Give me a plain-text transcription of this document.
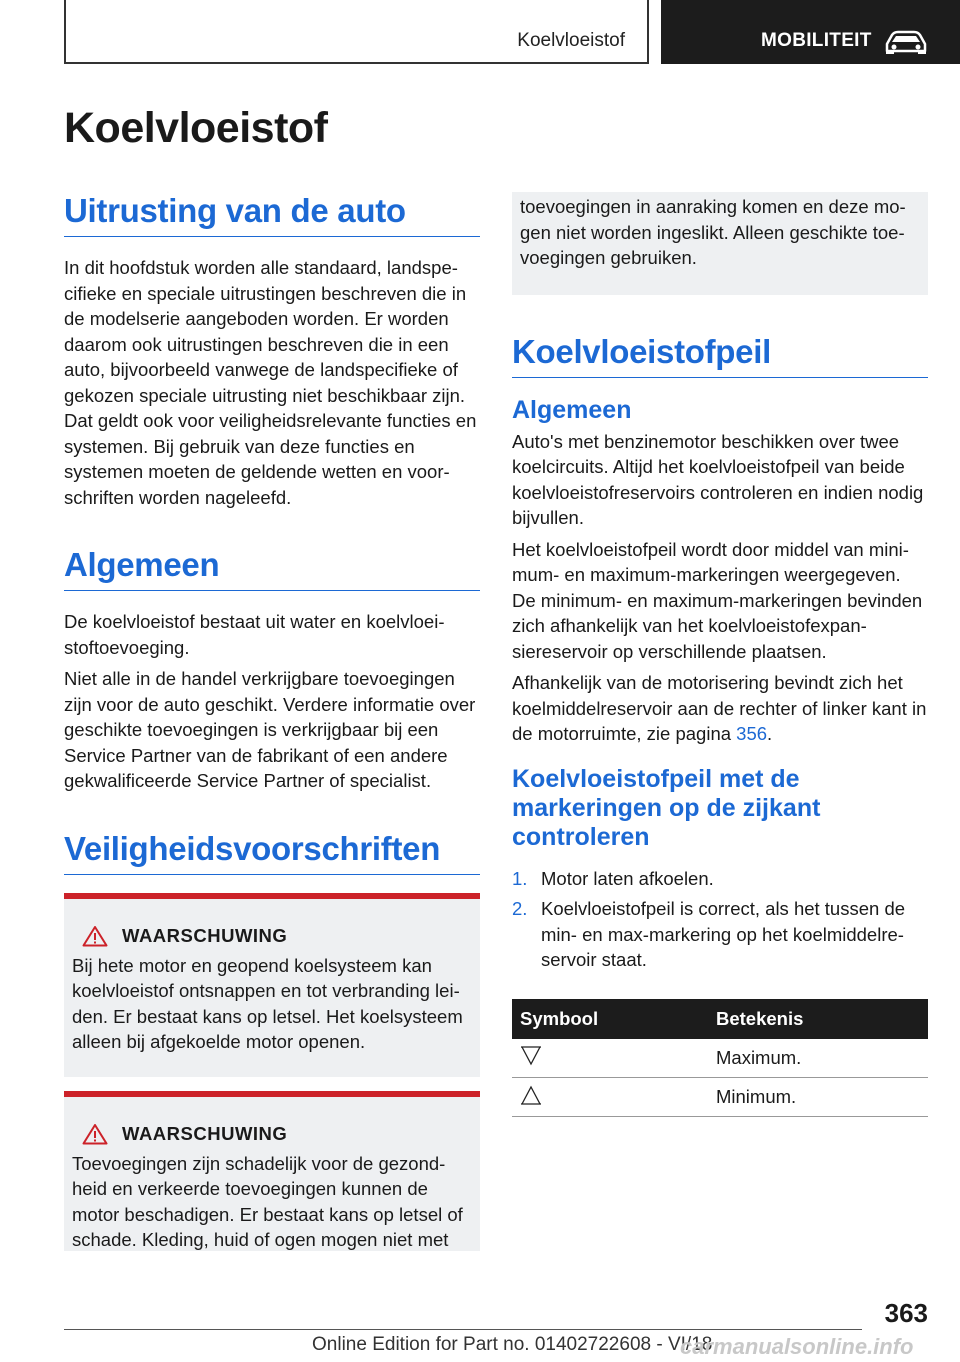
Koelvloeistof	MOBILITEIT
Koelvloeistof
Uitrusting van de auto

In dit hoofdstuk worden alle standaard, landspecifieke en speciale uitrustingen beschreven die in de modelserie aangeboden worden. Er worden daarom ook uitrustingen beschreven die in een auto, bijvoorbeeld vanwege de landspecifieke of gekozen speciale uitrusting niet beschikbaar zijn. Dat geldt ook voor veiligheidsrelevante functies en systemen. Bij gebruik van deze functies en systemen moeten de geldende wetten en voorschriften worden nageleefd.

Algemeen

De koelvloeistof bestaat uit water en koelvloeistoftoevoeging.

Niet alle in de handel verkrijgbare toevoegingen zijn voor de auto geschikt. Verdere informatie over geschikte toevoegingen is verkrijgbaar bij een Service Partner van de fabrikant of een andere gekwalificeerde Service Partner of specialist.

Veiligheidsvoorschriften
WAARSCHUWING

Bij hete motor en geopend koelsysteem kan koelvloeistof ontsnappen en tot verbranding leiden. Er bestaat kans op letsel. Het koelsysteem alleen bij afgekoelde motor openen.

WAARSCHUWING

Toevoegingen zijn schadelijk voor de gezondheid en verkeerde toevoegingen kunnen de motor beschadigen. Er bestaat kans op letsel of schade. Kleding, huid of ogen mogen niet met

toevoegingen in aanraking komen en deze mogen niet worden ingeslikt. Alleen geschikte toevoegingen gebruiken.

Koelvloeistofpeil
Algemeen

Auto's met benzinemotor beschikken over twee koelcircuits. Altijd het koelvloeistofpeil van beide koelvloeistofreservoirs controleren en indien nodig bijvullen.

Het koelvloeistofpeil wordt door middel van minimum- en maximum-markeringen weergegeven. De minimum- en maximum-markeringen bevinden zich afhankelijk van het koelvloeistofexpansiereservoir op verschillende plaatsen.

Afhankelijk van de motorisering bevindt zich het koelmiddelreservoir aan de rechter of linker kant in de motorruimte, zie pagina 356.

Koelvloeistofpeil met de markeringen op de zijkant controleren
1. Motor laten afkoelen.
2. Koelvloeistofpeil is correct, als het tussen de min- en max-markering op het koelmiddelreservoir staat.
Symbool	Betekenis
	Maximum.
	Minimum.
363
Online Edition for Part no. 01402722608 - VI/18
carmanualsonline.info
